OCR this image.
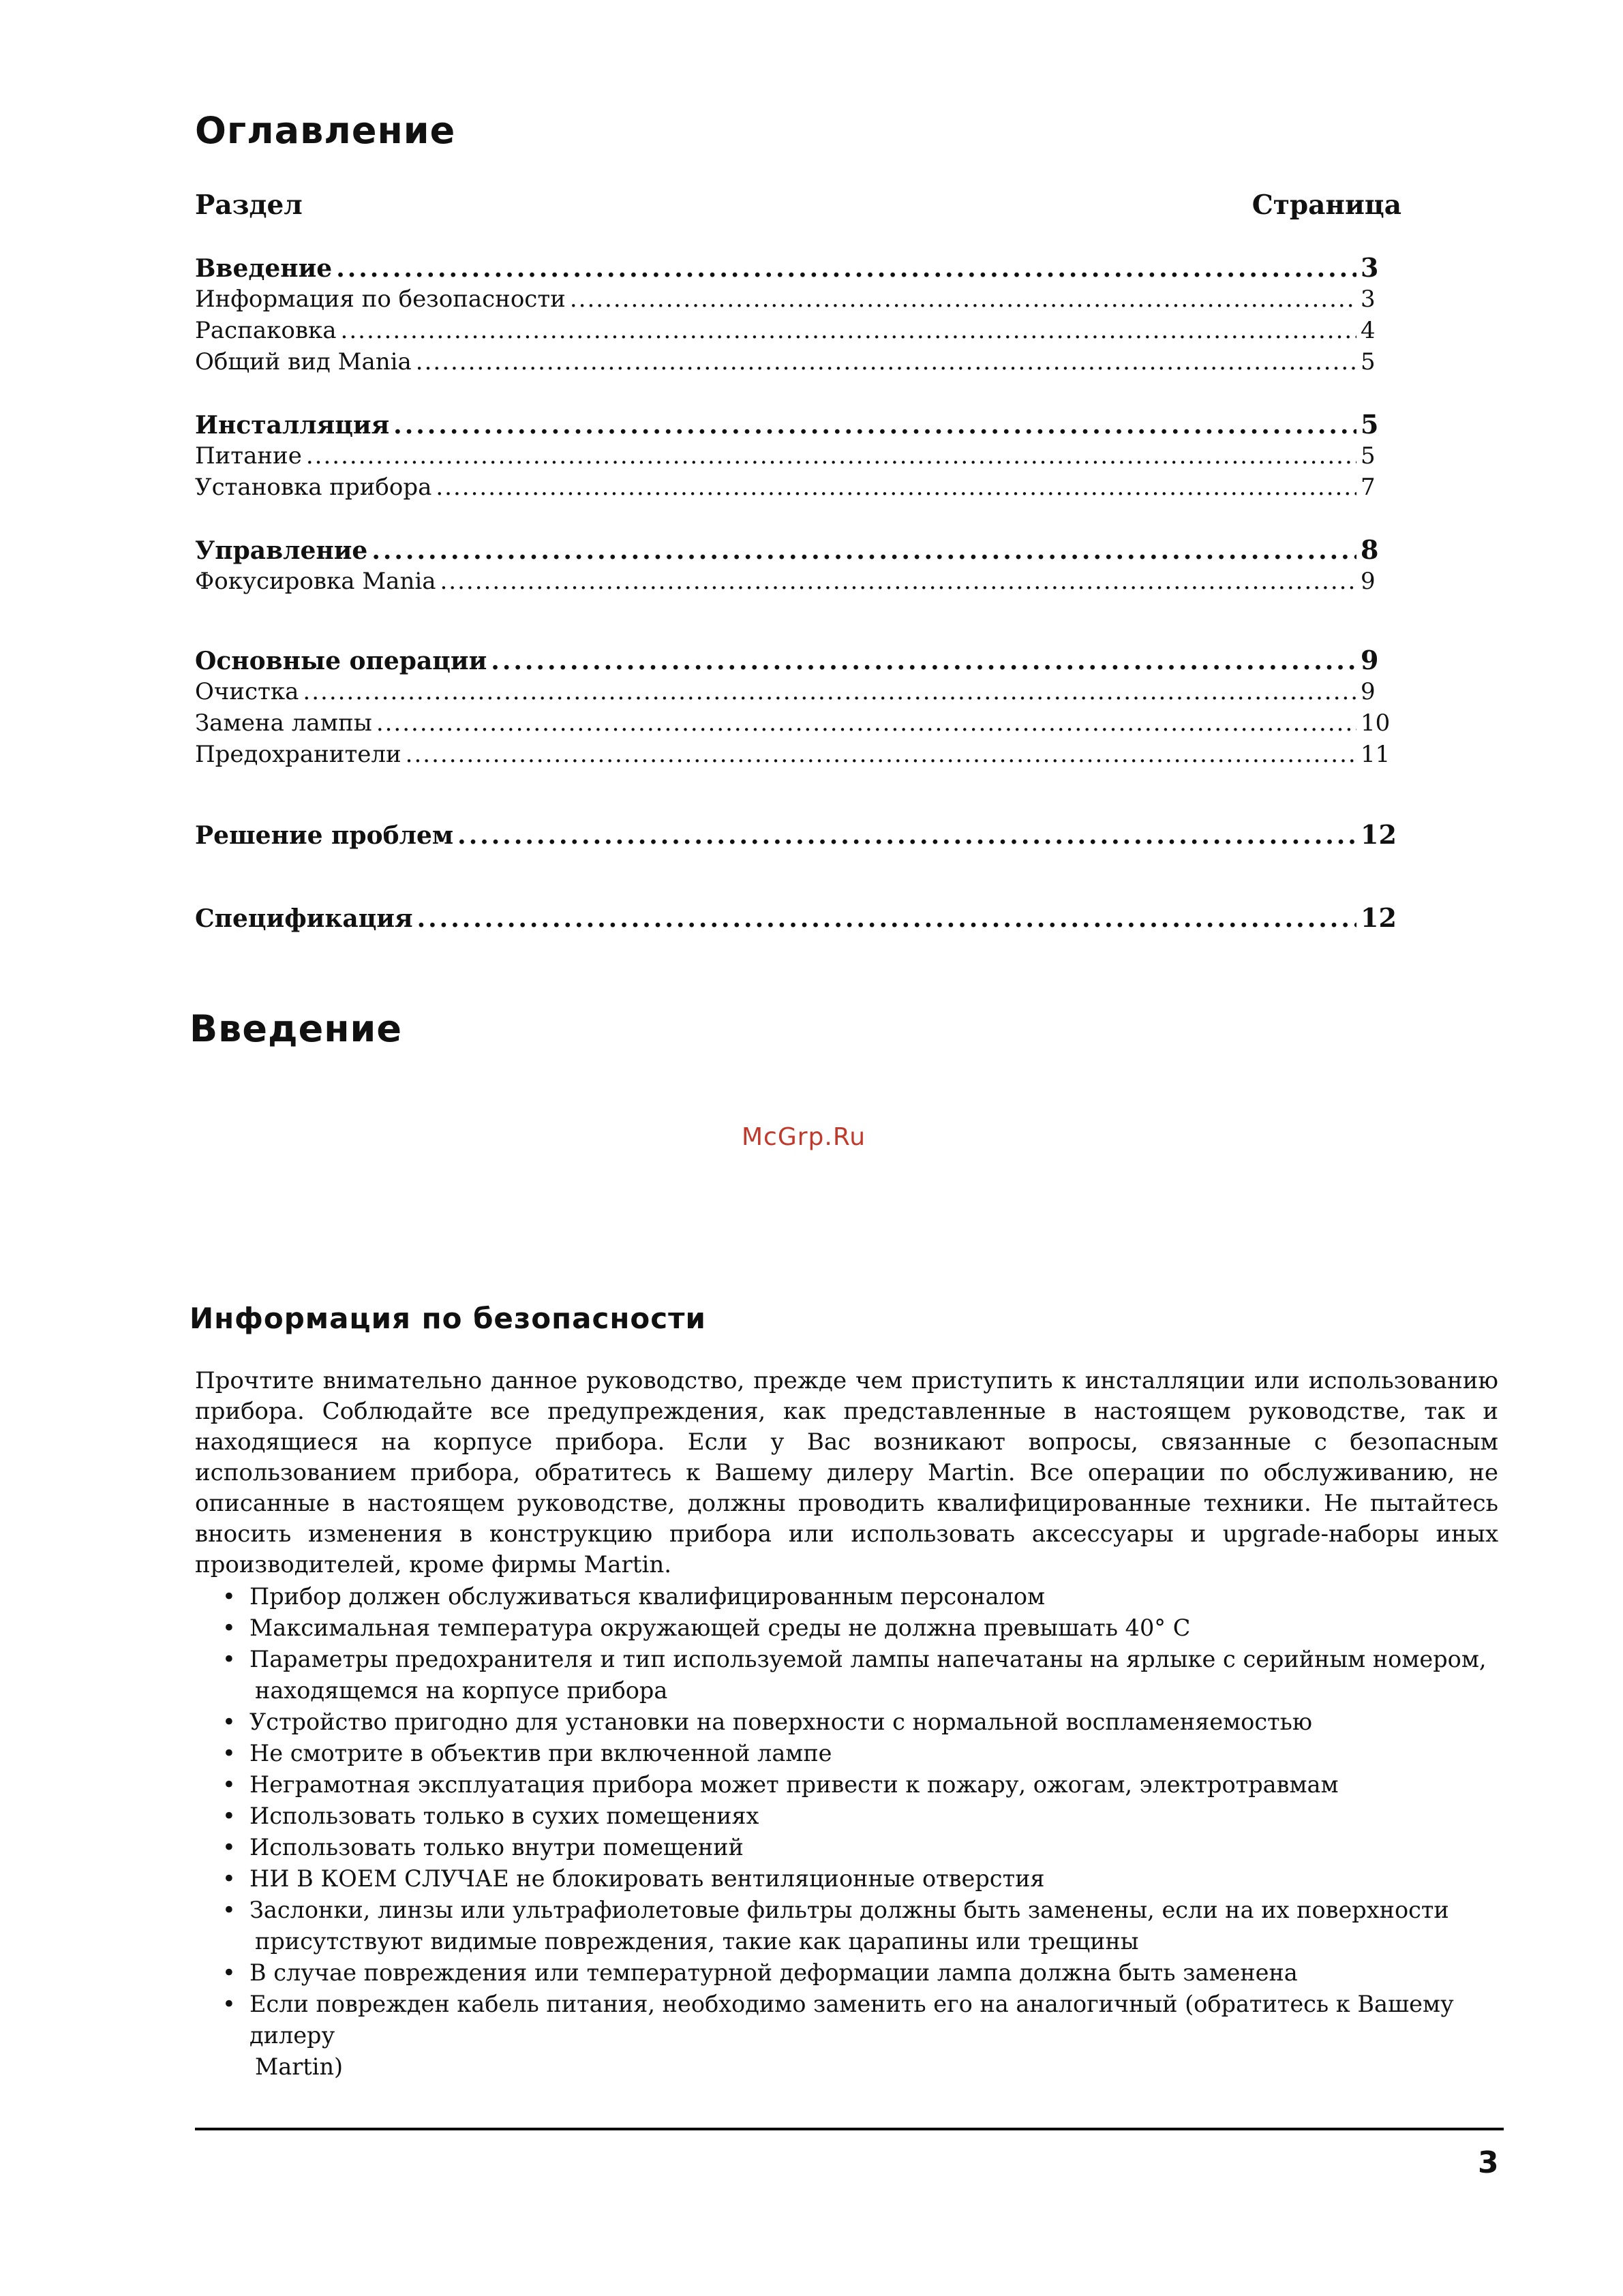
Оглавление
Раздел	Страница
Введение .....	3
Информация по безопасности .....	3
Распаковка .....	4
Общий вид Mania .....	5
Инсталляция .....	5
Питание .....	5
Установка прибора .....	7
Управление .....	8
Фокусировка Mania .....	9
Основные операции .....	9
Очистка .....	9
Замена лампы .....	10
Предохранители .....	11
Решение проблем .....	12
Спецификация .....	12
Введение
McGrp.Ru
Информация по безопасности

Прочтите внимательно данное руководство, прежде чем приступить к инсталляции или использованию прибора. Соблюдайте все предупреждения, как представленные в настоящем руководстве, так и находящиеся на корпусе прибора. Если у Вас возникают вопросы, связанные с безопасным использованием прибора, обратитесь к Вашему дилеру Martin. Все операции по обслуживанию, не описанные в настоящем руководстве, должны проводить квалифицированные техники. Не пытайтесь вносить изменения в конструкцию прибора или использовать аксессуары и upgrade-наборы иных производителей, кроме фирмы Martin.

• Прибор должен обслуживаться квалифицированным персоналом
• Максимальная температура окружающей среды не должна превышать 40° С
• Параметры предохранителя и тип используемой лампы напечатаны на ярлыке с серийным номером,
находящемся на корпусе прибора
• Устройство пригодно для установки на поверхности с нормальной воспламеняемостью
• Не смотрите в объектив при включенной лампе
• Неграмотная эксплуатация прибора может привести к пожару, ожогам, электротравмам
• Использовать только в сухих помещениях
• Использовать только внутри помещений
• НИ В КОЕМ СЛУЧАЕ не блокировать вентиляционные отверстия
• Заслонки, линзы или ультрафиолетовые фильтры должны быть заменены, если на их поверхности
присутствуют видимые повреждения, такие как царапины или трещины
• В случае повреждения или температурной деформации лампа должна быть заменена
• Если поврежден кабель питания, необходимо заменить его на аналогичный (обратитесь к Вашему дилеру
Martin)
3
